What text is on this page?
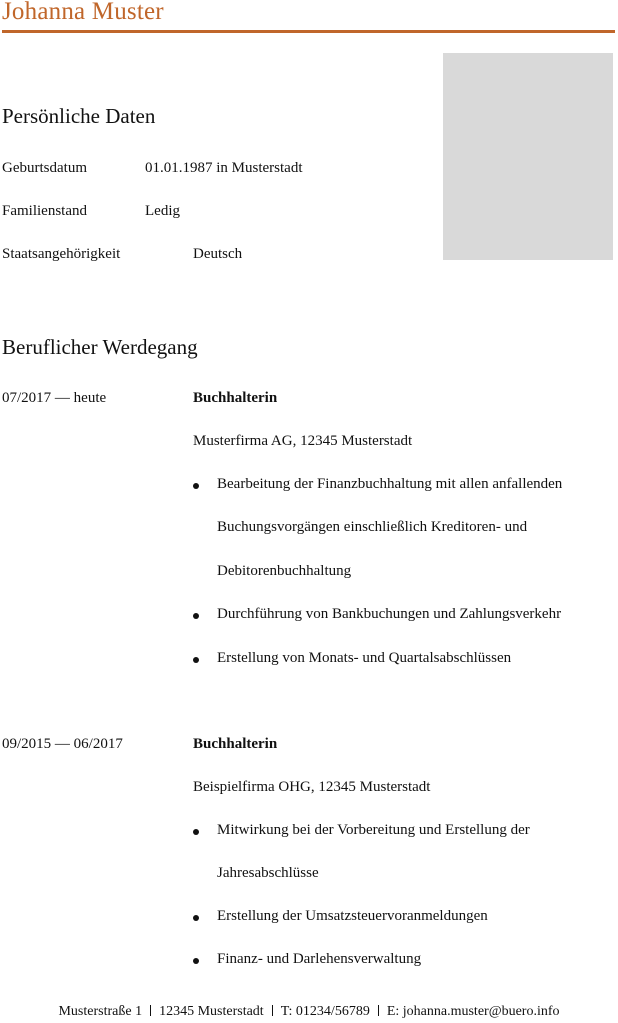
Johanna Muster
Persönliche Daten
Geburtsdatum	01.01.1987 in Musterstadt
Familienstand	Ledig
Staatsangehörigkeit	Deutsch
Beruflicher Werdegang
07/2017 — heute	Buchhalterin
Musterfirma AG, 12345 Musterstadt
Bearbeitung der Finanzbuchhaltung mit allen anfallenden
Buchungsvorgängen einschließlich Kreditoren- und
Debitorenbuchhaltung
Durchführung von Bankbuchungen und Zahlungsverkehr
Erstellung von Monats- und Quartalsabschlüssen
09/2015 — 06/2017	Buchhalterin
Beispielfirma OHG, 12345 Musterstadt
Mitwirkung bei der Vorbereitung und Erstellung der
Jahresabschlüsse
Erstellung der Umsatzsteuervoranmeldungen
Finanz- und Darlehensverwaltung
Musterstraße 1 12345 Musterstadt T: 01234/56789 E: johanna.muster@buero.info
